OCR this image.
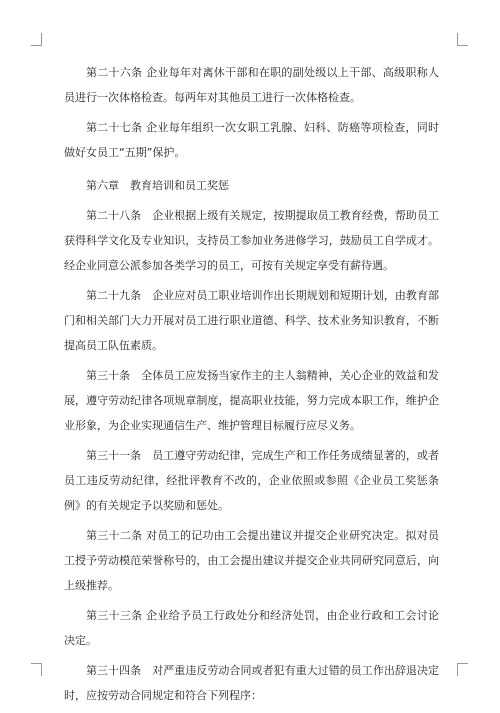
第二十六条 企业每年对离休干部和在职的副处级以上干部、高级职称人员进行一次体格检查。每两年对其他员工进行一次体格检查。

第二十七条 企业每年组织一次女职工乳腺、妇科、防癌等项检查，同时做好女员工“五期”保护。

第六章　教育培训和员工奖惩

第二十八条　企业根据上级有关规定，按期提取员工教育经费，帮助员工获得科学文化及专业知识，支持员工参加业务进修学习，鼓励员工自学成才。经企业同意公派参加各类学习的员工，可按有关规定享受有薪待遇。

第二十九条　企业应对员工职业培训作出长期规划和短期计划，由教育部门和相关部门大力开展对员工进行职业道德、科学、技术业务知识教育，不断提高员工队伍素质。

第三十条　全体员工应发扬当家作主的主人翁精神，关心企业的效益和发展，遵守劳动纪律各项规章制度，提高职业技能，努力完成本职工作，维护企业形象，为企业实现通信生产、维护管理目标履行应尽义务。

第三十一条　员工遵守劳动纪律，完成生产和工作任务成绩显著的，或者员工违反劳动纪律，经批评教育不改的，企业依照或参照《企业员工奖惩条例》的有关规定予以奖励和惩处。

第三十二条 对员工的记功由工会提出建议并提交企业研究决定。拟对员工授予劳动模范荣誉称号的，由工会提出建议并提交企业共同研究同意后，向上级推荐。

第三十三条 企业给予员工行政处分和经济处罚，由企业行政和工会讨论决定。

第三十四条　对严重违反劳动合同或者犯有重大过错的员工作出辞退决定时，应按劳动合同规定和符合下列程序：
